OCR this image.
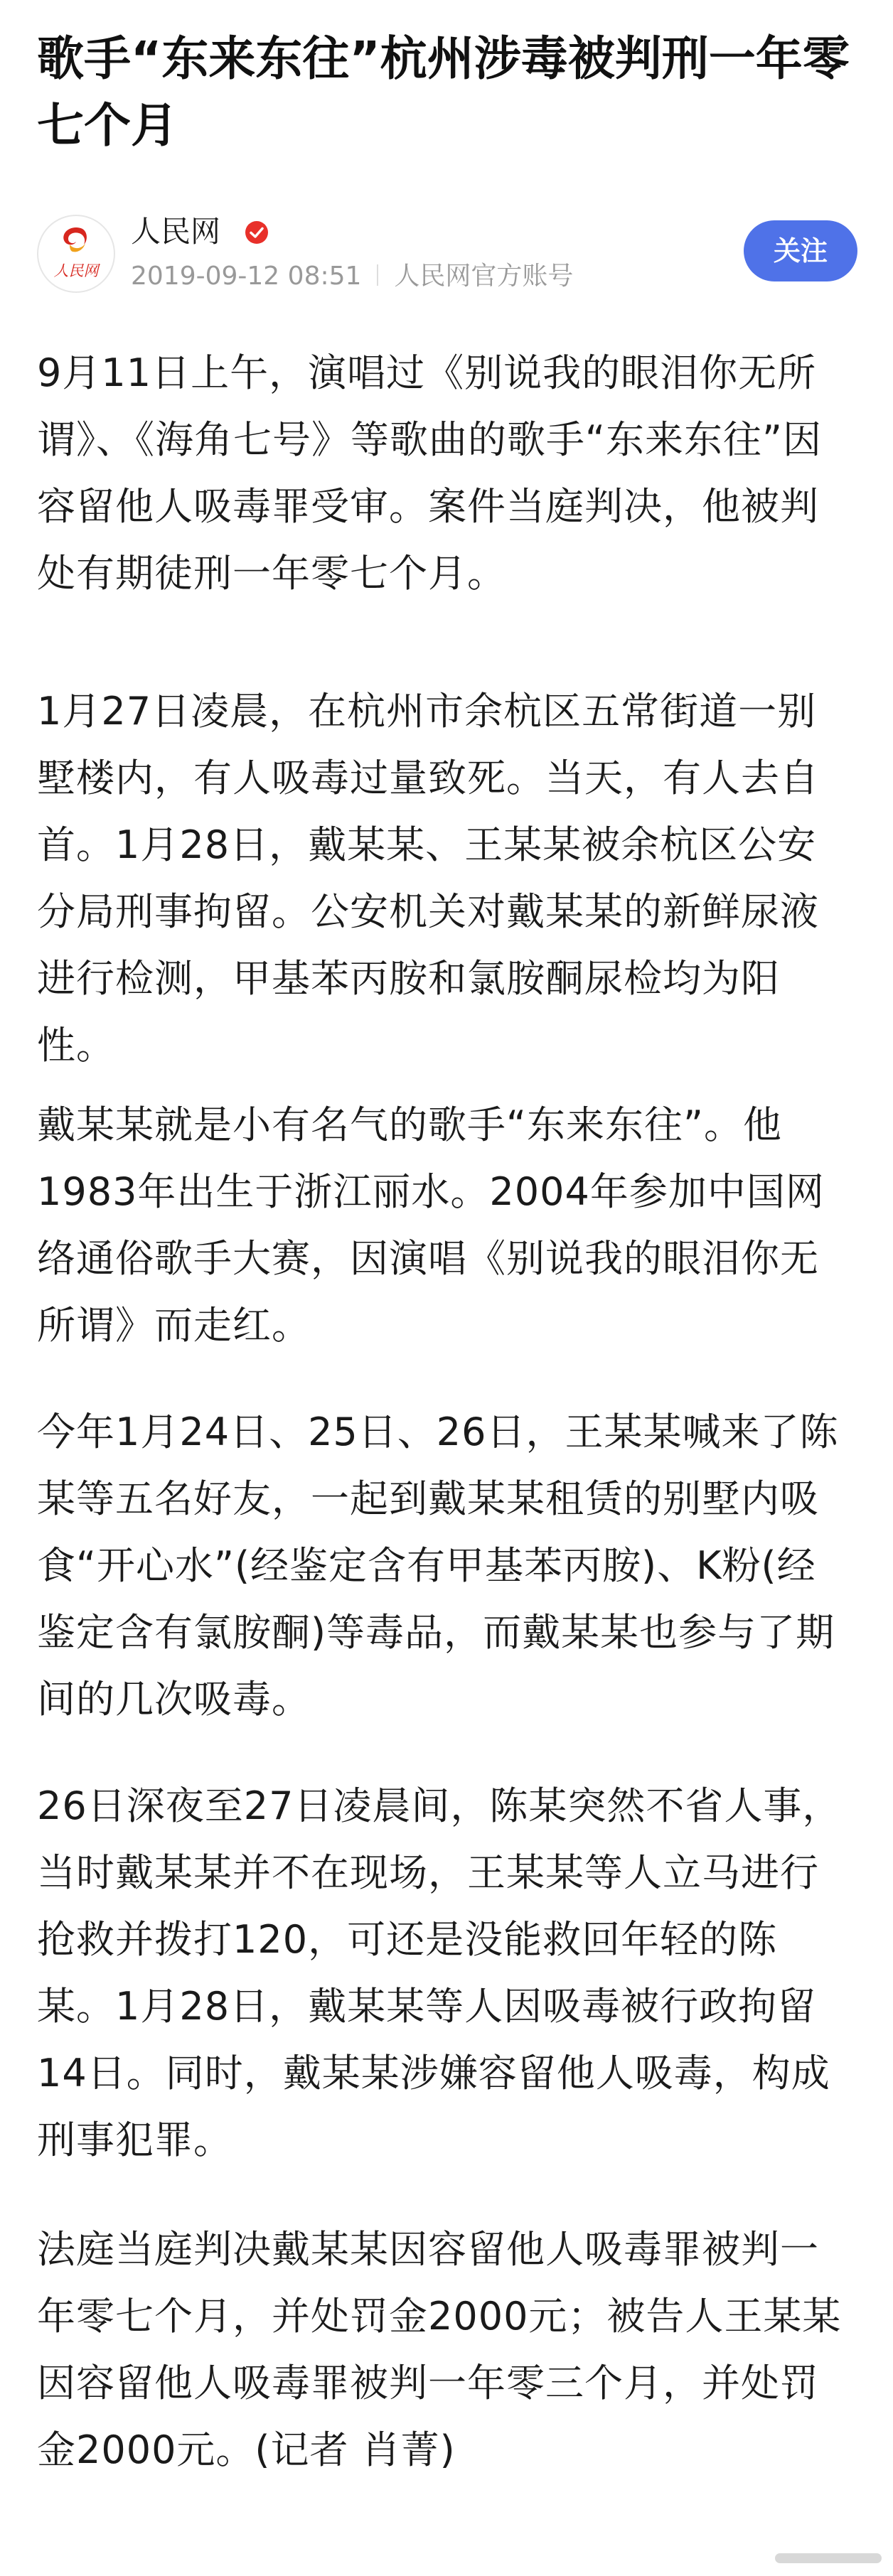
歌手“东来东往”杭州涉毒被判刑一年零七个月
人民网
人民网
2019-09-12 08:51 人民网官方账号
关注

9月11日上午，演唱过《别说我的眼泪你无所谓》、《海角七号》等歌曲的歌手“东来东往”因容留他人吸毒罪受审。案件当庭判决，他被判处有期徒刑一年零七个月。

1月27日凌晨，在杭州市余杭区五常街道一别墅楼内，有人吸毒过量致死。当天，有人去自首。1月28日，戴某某、王某某被余杭区公安分局刑事拘留。公安机关对戴某某的新鲜尿液进行检测，甲基苯丙胺和氯胺酮尿检均为阳性。

戴某某就是小有名气的歌手“东来东往”。他1983年出生于浙江丽水。2004年参加中国网络通俗歌手大赛，因演唱《别说我的眼泪你无所谓》而走红。

今年1月24日、25日、26日，王某某喊来了陈某等五名好友，一起到戴某某租赁的别墅内吸食“开心水”(经鉴定含有甲基苯丙胺)、K粉(经鉴定含有氯胺酮)等毒品，而戴某某也参与了期间的几次吸毒。

26日深夜至27日凌晨间，陈某突然不省人事，当时戴某某并不在现场，王某某等人立马进行抢救并拨打120，可还是没能救回年轻的陈某。1月28日，戴某某等人因吸毒被行政拘留14日。同时，戴某某涉嫌容留他人吸毒，构成刑事犯罪。

法庭当庭判决戴某某因容留他人吸毒罪被判一年零七个月，并处罚金2000元；被告人王某某因容留他人吸毒罪被判一年零三个月，并处罚金2000元。(记者 肖菁)
